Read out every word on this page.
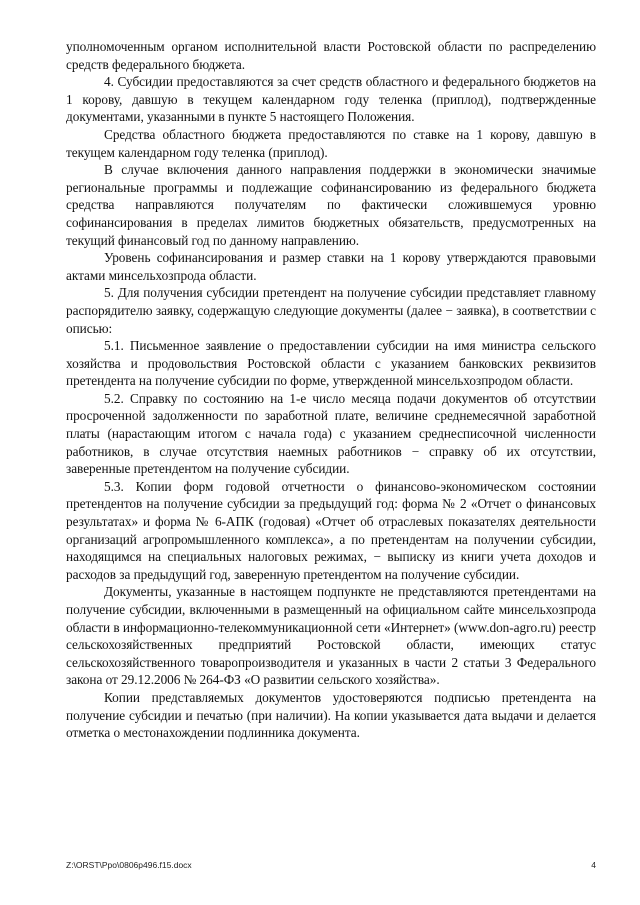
уполномоченным органом исполнительной власти Ростовской области по распределению средств федерального бюджета.

4. Субсидии предоставляются за счет средств областного и федерального бюджетов на 1 корову, давшую в текущем календарном году теленка (приплод), подтвержденные документами, указанными в пункте 5 настоящего Положения.

Средства областного бюджета предоставляются по ставке на 1 корову, давшую в текущем календарном году теленка (приплод).

В случае включения данного направления поддержки в экономически значимые региональные программы и подлежащие софинансированию из федерального бюджета средства направляются получателям по фактически сложившемуся уровню софинансирования в пределах лимитов бюджетных обязательств, предусмотренных на текущий финансовый год по данному направлению.

Уровень софинансирования и размер ставки на 1 корову утверждаются правовыми актами минсельхозпрода области.

5. Для получения субсидии претендент на получение субсидии представляет главному распорядителю заявку, содержащую следующие документы (далее − заявка), в соответствии с описью:

5.1. Письменное заявление о предоставлении субсидии на имя министра сельского хозяйства и продовольствия Ростовской области с указанием банковских реквизитов претендента на получение субсидии по форме, утвержденной минсельхозпродом области.

5.2. Справку по состоянию на 1-е число месяца подачи документов об отсутствии просроченной задолженности по заработной плате, величине среднемесячной заработной платы (нарастающим итогом с начала года) с указанием среднесписочной численности работников, в случае отсутствия наемных работников − справку об их отсутствии, заверенные претендентом на получение субсидии.

5.3. Копии форм годовой отчетности о финансово-экономическом состоянии претендентов на получение субсидии за предыдущий год: форма № 2 «Отчет о финансовых результатах» и форма № 6-АПК (годовая) «Отчет об отраслевых показателях деятельности организаций агропромышленного комплекса», а по претендентам на получении субсидии, находящимся на специальных налоговых режимах, − выписку из книги учета доходов и расходов за предыдущий год, заверенную претендентом на получение субсидии.

Документы, указанные в настоящем подпункте не представляются претендентами на получение субсидии, включенными в размещенный на официальном сайте минсельхозпрода области в информационно-телекоммуникационной сети «Интернет» (www.don-agro.ru) реестр сельскохозяйственных предприятий Ростовской области, имеющих статус сельскохозяйственного товаропроизводителя и указанных в части 2 статьи 3 Федерального закона от 29.12.2006 № 264-ФЗ «О развитии сельского хозяйства».

Копии представляемых документов удостоверяются подписью претендента на получение субсидии и печатью (при наличии). На копии указывается дата выдачи и делается отметка о местонахождении подлинника документа.

Z:\ORST\Ppo\0806p496.f15.docx	4
